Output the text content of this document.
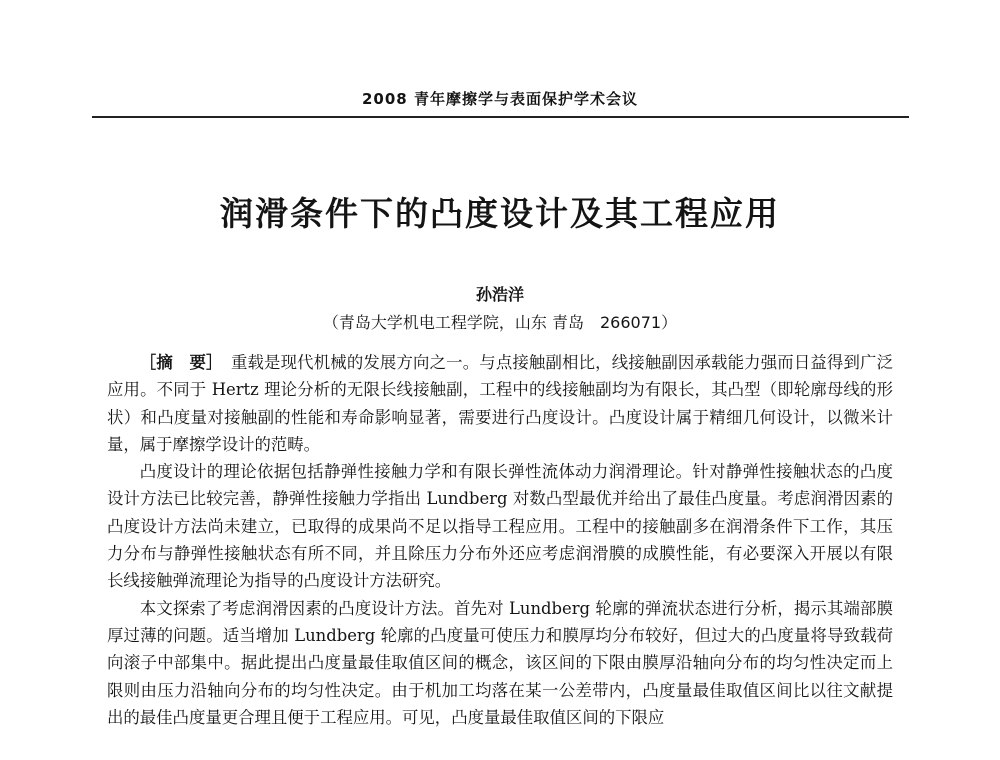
2008 青年摩擦学与表面保护学术会议
润滑条件下的凸度设计及其工程应用
孙浩洋
（青岛大学机电工程学院，山东 青岛　266071）

［摘　要］　 重载是现代机械的发展方向之一。与点接触副相比，线接触副因承载能力强而日益得到广泛应用。不同于 Hertz 理论分析的无限长线接触副，工程中的线接触副均为有限长，其凸型（即轮廓母线的形状）和凸度量对接触副的性能和寿命影响显著，需要进行凸度设计。凸度设计属于精细几何设计，以微米计量，属于摩擦学设计的范畴。

凸度设计的理论依据包括静弹性接触力学和有限长弹性流体动力润滑理论。针对静弹性接触状态的凸度设计方法已比较完善，静弹性接触力学指出 Lundberg 对数凸型最优并给出了最佳凸度量。考虑润滑因素的凸度设计方法尚未建立，已取得的成果尚不足以指导工程应用。工程中的接触副多在润滑条件下工作，其压力分布与静弹性接触状态有所不同，并且除压力分布外还应考虑润滑膜的成膜性能，有必要深入开展以有限长线接触弹流理论为指导的凸度设计方法研究。

本文探索了考虑润滑因素的凸度设计方法。首先对 Lundberg 轮廓的弹流状态进行分析，揭示其端部膜厚过薄的问题。适当增加 Lundberg 轮廓的凸度量可使压力和膜厚均分布较好，但过大的凸度量将导致载荷向滚子中部集中。据此提出凸度量最佳取值区间的概念，该区间的下限由膜厚沿轴向分布的均匀性决定而上限则由压力沿轴向分布的均匀性决定。由于机加工均落在某一公差带内，凸度量最佳取值区间比以往文献提出的最佳凸度量更合理且便于工程应用。可见，凸度量最佳取值区间的下限应
